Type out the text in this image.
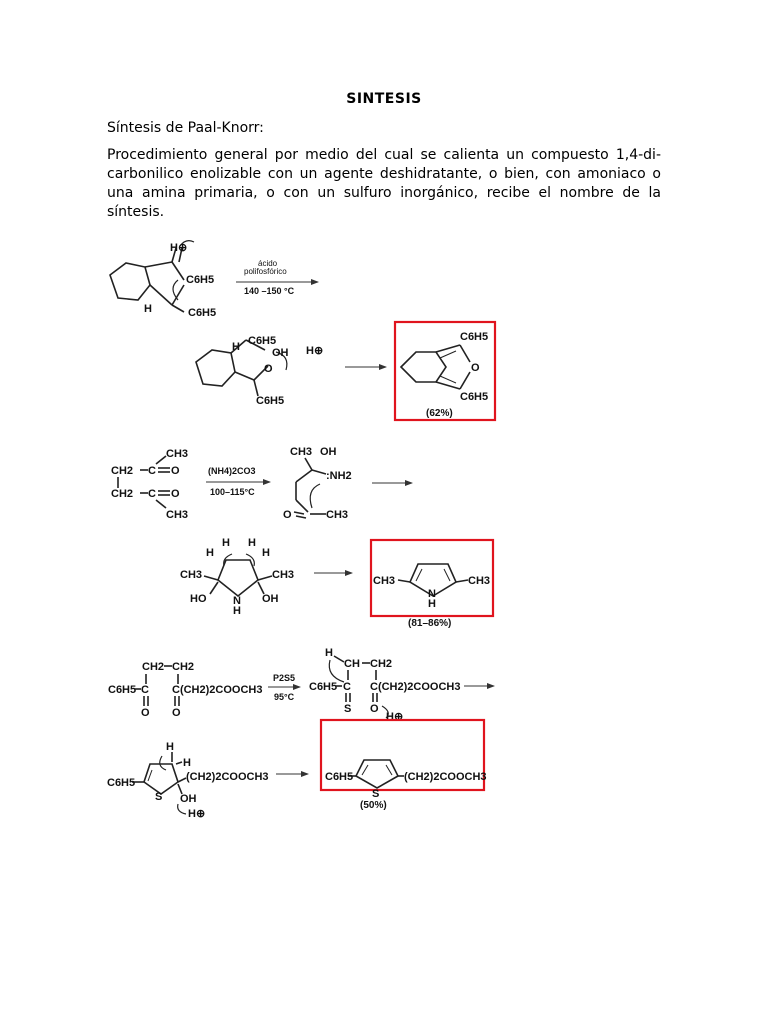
SINTESIS
Síntesis de Paal-Knorr:
Procedimiento general por medio del cual se calienta un compuesto 1,4-di-carbonilico enolizable con un agente deshidratante, o bien, con amoniaco o una amina primaria, o con un sulfuro inorgánico, recibe el nombre de la síntesis.
H⊕
C6H5
C6H5
H
ácido
polifosfórico
140 –150 °C
H C6H5
OH H⊕
O
C6H5
C6H5
O
C6H5
(62%)
CH2 C O
CH3
CH2 C O
CH3
(NH4)2CO3
100–115°C
CH3 OH
:NH2
O	CH3
H
H H
H
CH3	CH3
HO N
H
OH
CH3	CH3
N
H
(81–86%)
CH2 CH2
C6H5 C
O
C(CH2)2COOCH3
O
P2S5
95°C
H
CH CH2
C6H5 C
S
C(CH2)2COOCH3
O
H⊕
H
H
C6H5
S
(CH2)2COOCH3
OH
H⊕
C6H5
S
(CH2)2COOCH3
(50%)
